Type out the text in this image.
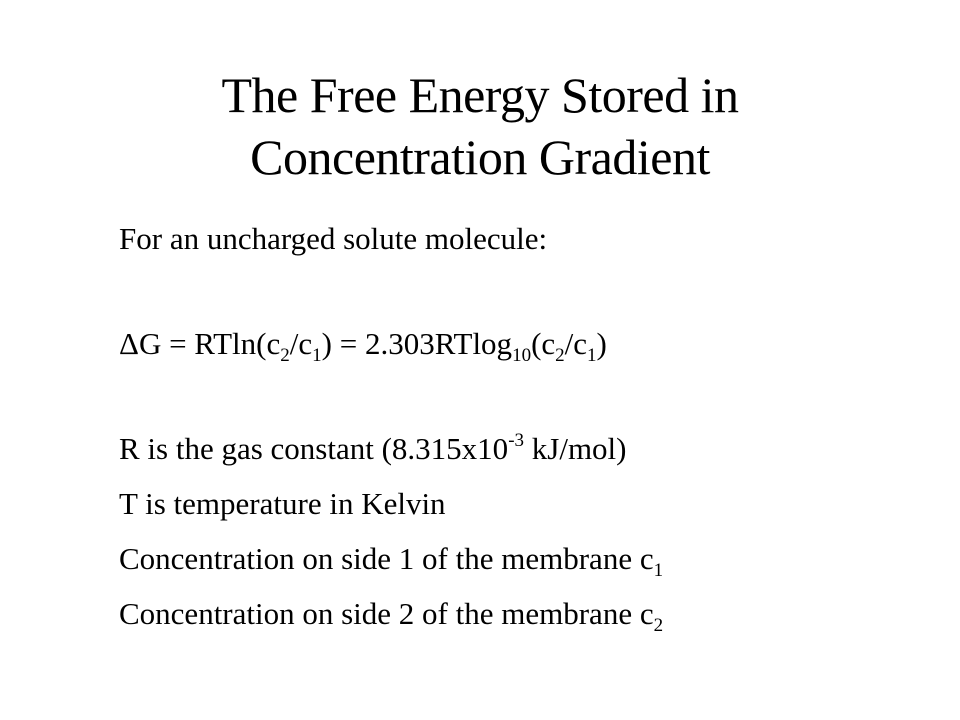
The Free Energy Stored in
Concentration Gradient
For an uncharged solute molecule:
$\Delta G = RTln(c_2/c_1) = 2.303RTlog_{10}(c_2/c_1)$
R is the gas constant ($8.315x10^{-3}$ kJ/mol)
T is temperature in Kelvin
Concentration on side 1 of the membrane $c_1$
Concentration on side 2 of the membrane $c_2$
